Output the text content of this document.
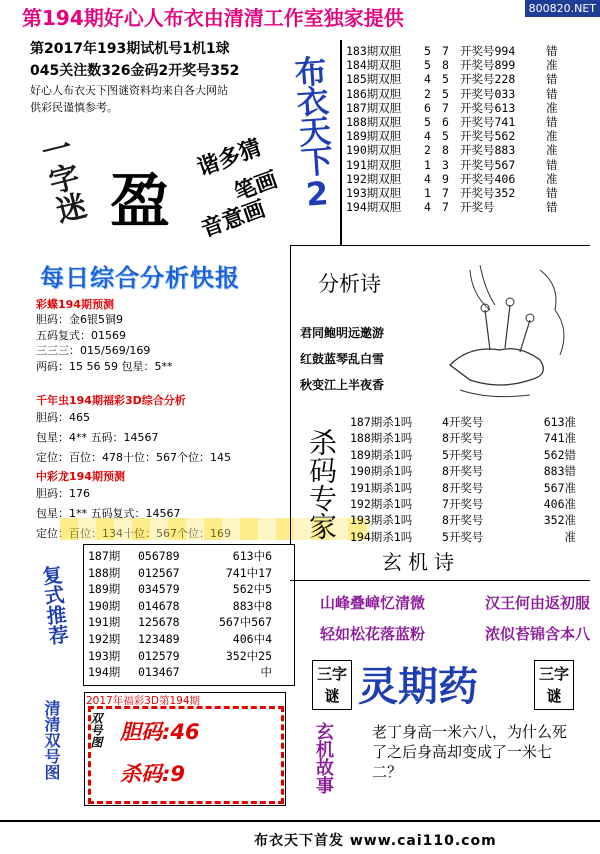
第194期好心人布衣由清清工作室独家提供	800820.NET
第2017年193期试机号1机1球
045关注数326金码2开奖号352
好心人布衣天下图谜资料均来自各大网站
供彩民谨慎参考。
一字迷 盈
谐多猜
笔画
音意画
布衣天下2
183期双胆 5 7 开奖号994	错
184期双胆 5 8 开奖号899	准
185期双胆 4 5 开奖号228	错
186期双胆 2 5 开奖号033	错
187期双胆 6 7 开奖号613	准
188期双胆 5 6 开奖号741	错
189期双胆 4 5 开奖号562	准
190期双胆 2 8 开奖号883	准
191期双胆 1 3 开奖号567	错
192期双胆 4 9 开奖号406	准
193期双胆 1 7 开奖号352	错
194期双胆 4 7 开奖号	错
每日综合分析快报	分析诗
君同鲍明远邀游
红鼓蓝琴乱白雪
秋变江上半夜香
彩蝶194期预测
胆码：金6银5铜9
五码复式：01569
三三三：015/569/169
两码：15 56 59 包星：5**
千年虫194期福彩3D综合分析
胆码：465
包星：4** 五码：14567
定位：百位：478十位：567个位：145
中彩龙194期预测
胆码：176
包星：1** 五码复式：14567
定位：百位：134十位：567个位：169	杀码专家
187期杀1吗	4开奖号	613准
188期杀1吗	8开奖号	741准
189期杀1吗	5开奖号	562错
190期杀1吗	8开奖号	883错
191期杀1吗	8开奖号	567准
192期杀1吗	7开奖号	406准
193期杀1吗	8开奖号	352准
194期杀1吗	5开奖号	准
复式推荐
187期 056789	613中6
188期 012567	741中17
189期 034579	562中5
190期 014678	883中8
191期 125678	567中567
192期 123489	406中4
193期 012579	352中25
194期 013467	中
玄机诗
山峰叠嶂忆清微	汉王何由返初服
轻如松花落蓝粉	浓似苔锦含本八
三字谜 灵期药	三字谜
清清双号图 2017年福彩3D第194期
双号图 胆码:46
杀码:9	玄机故事	老丁身高一米六八，为什么死了之后身高却变成了一米七二？
布衣天下首发 www.cai110.com
